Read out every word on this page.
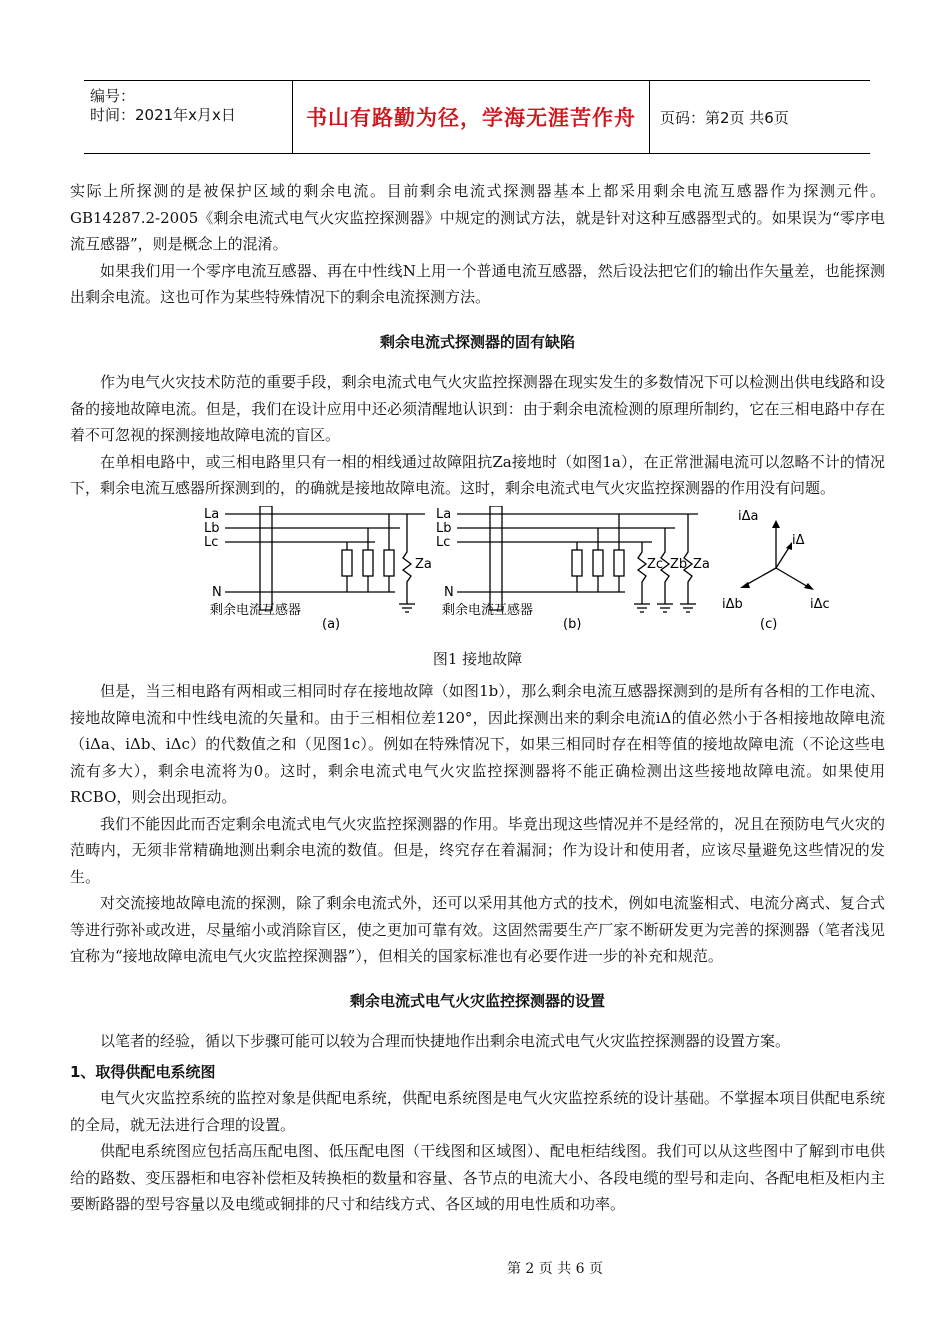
编号：
时间：2021年x月x日	书山有路勤为径，学海无涯苦作舟	页码：第2页 共6页

实际上所探测的是被保护区域的剩余电流。目前剩余电流式探测器基本上都采用剩余电流互感器作为探测元件。GB14287.2-2005《剩余电流式电气火灾监控探测器》中规定的测试方法，就是针对这种互感器型式的。如果误为“零序电流互感器”，则是概念上的混淆。

如果我们用一个零序电流互感器、再在中性线N上用一个普通电流互感器，然后设法把它们的输出作矢量差，也能探测出剩余电流。这也可作为某些特殊情况下的剩余电流探测方法。

剩余电流式探测器的固有缺陷

作为电气火灾技术防范的重要手段，剩余电流式电气火灾监控探测器在现实发生的多数情况下可以检测出供电线路和设备的接地故障电流。但是，我们在设计应用中还必须清醒地认识到：由于剩余电流检测的原理所制约，它在三相电路中存在着不可忽视的探测接地故障电流的盲区。

在单相电路中，或三相电路里只有一相的相线通过故障阻抗Za接地时（如图1a），在正常泄漏电流可以忽略不计的情况下，剩余电流互感器所探测到的，的确就是接地故障电流。这时，剩余电流式电气火灾监控探测器的作用没有问题。

La
Lb
Lc
N
Za
剩余电流互感器
(a)
La
Lb
Lc
N
Zc Zb Za
剩余电流互感器
(b)
iΔa
iΔ
iΔb	iΔc
(c)
图1 接地故障

但是，当三相电路有两相或三相同时存在接地故障（如图1b），那么剩余电流互感器探测到的是所有各相的工作电流、接地故障电流和中性线电流的矢量和。由于三相相位差120°，因此探测出来的剩余电流iΔ的值必然小于各相接地故障电流（iΔa、iΔb、iΔc）的代数值之和（见图1c）。例如在特殊情况下，如果三相同时存在相等值的接地故障电流（不论这些电流有多大），剩余电流将为0。这时，剩余电流式电气火灾监控探测器将不能正确检测出这些接地故障电流。如果使用RCBO，则会出现拒动。

我们不能因此而否定剩余电流式电气火灾监控探测器的作用。毕竟出现这些情况并不是经常的，况且在预防电气火灾的范畴内，无须非常精确地测出剩余电流的数值。但是，终究存在着漏洞；作为设计和使用者，应该尽量避免这些情况的发生。

对交流接地故障电流的探测，除了剩余电流式外，还可以采用其他方式的技术，例如电流鉴相式、电流分离式、复合式等进行弥补或改进，尽量缩小或消除盲区，使之更加可靠有效。这固然需要生产厂家不断研发更为完善的探测器（笔者浅见宜称为“接地故障电流电气火灾监控探测器”），但相关的国家标准也有必要作进一步的补充和规范。

剩余电流式电气火灾监控探测器的设置

以笔者的经验，循以下步骤可能可以较为合理而快捷地作出剩余电流式电气火灾监控探测器的设置方案。

1、取得供配电系统图

电气火灾监控系统的监控对象是供配电系统，供配电系统图是电气火灾监控系统的设计基础。不掌握本项目供配电系统的全局，就无法进行合理的设置。

供配电系统图应包括高压配电图、低压配电图（干线图和区域图）、配电柜结线图。我们可以从这些图中了解到市电供给的路数、变压器柜和电容补偿柜及转换柜的数量和容量、各节点的电流大小、各段电缆的型号和走向、各配电柜及柜内主要断路器的型号容量以及电缆或铜排的尺寸和结线方式、各区域的用电性质和功率。

第 2 页 共 6 页
